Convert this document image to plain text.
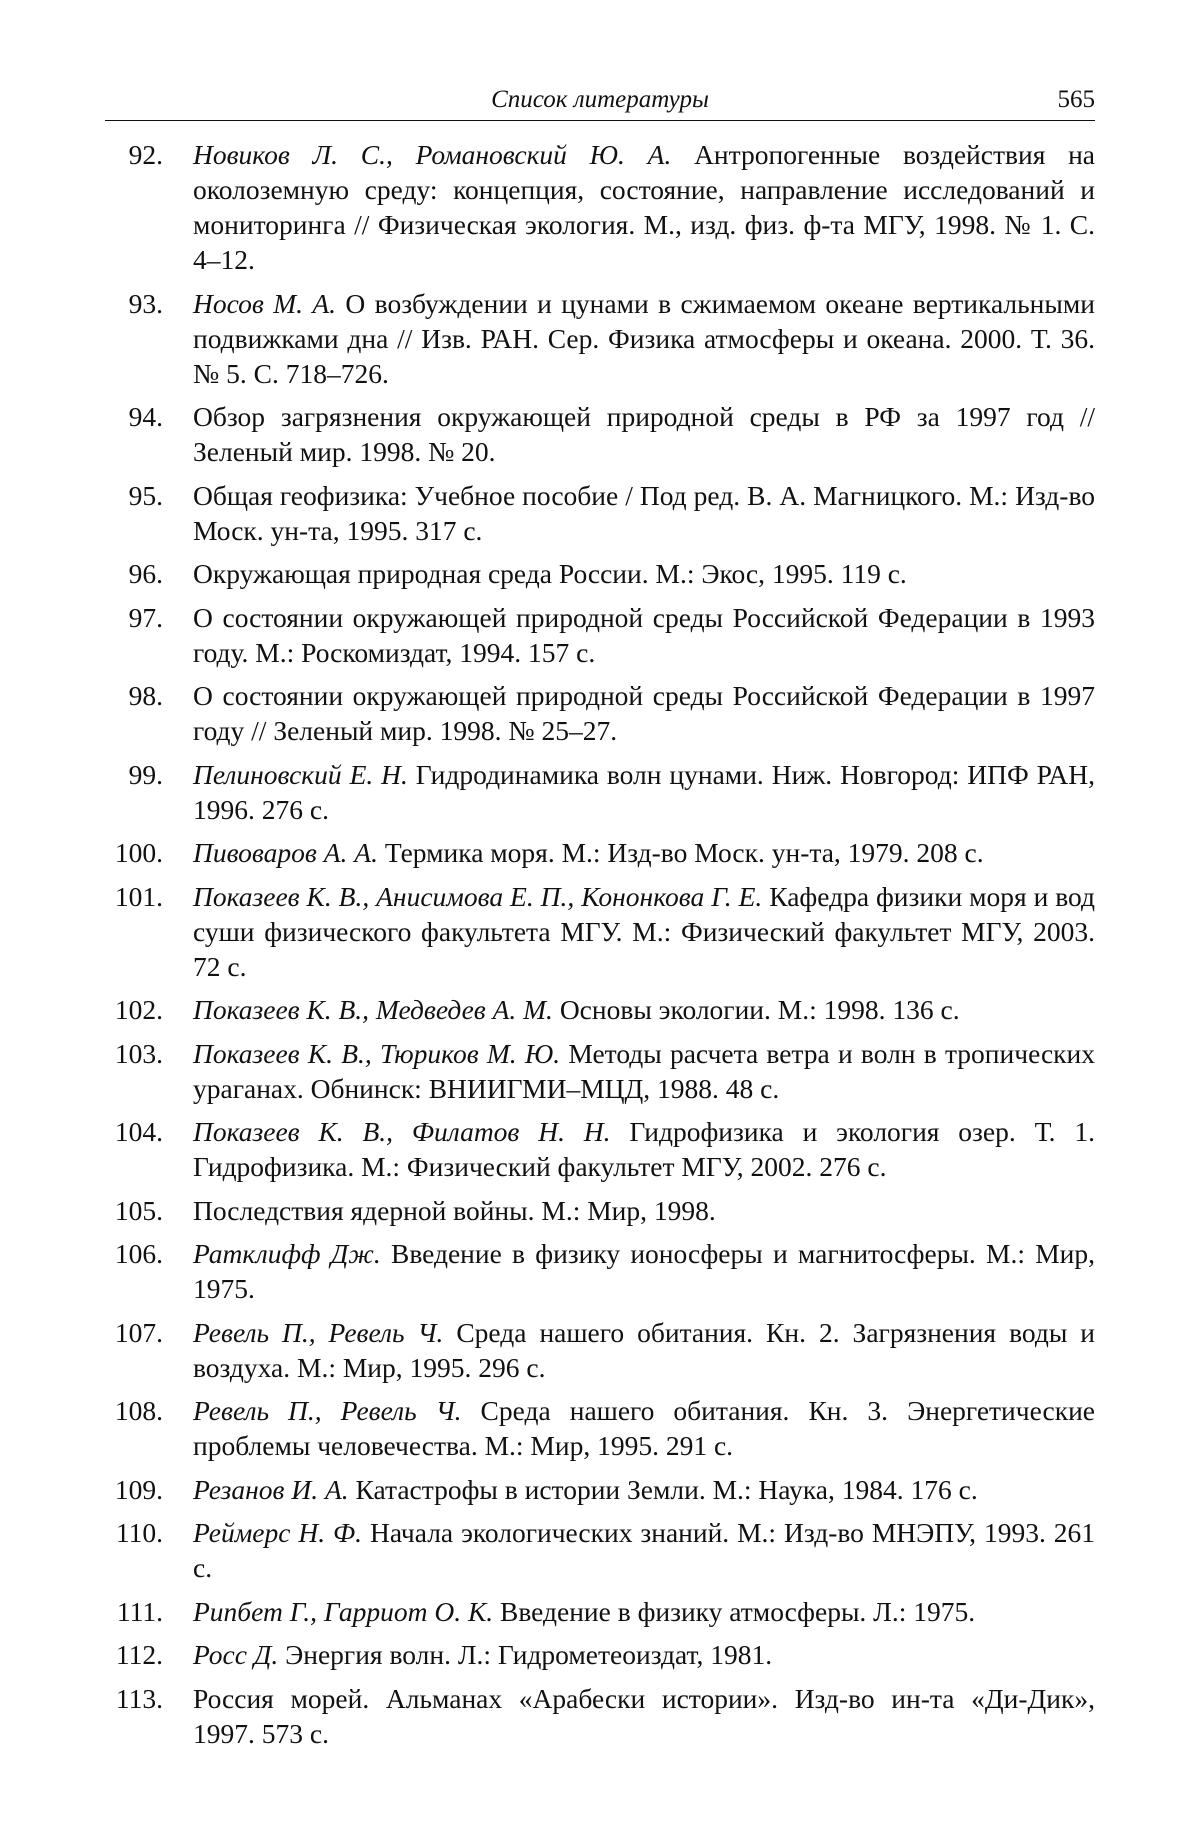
Список литературы	565
92. Новиков Л. С., Романовский Ю. А. Антропогенные воздействия на околоземную среду: концепция, состояние, направление исследований и мониторинга // Физическая экология. М., изд. физ. ф-та МГУ, 1998. № 1. С. 4–12.
93. Носов М. А. О возбуждении и цунами в сжимаемом океане вертикальными подвижками дна // Изв. РАН. Сер. Физика атмосферы и океана. 2000. Т. 36. № 5. С. 718–726.
94. Обзор загрязнения окружающей природной среды в РФ за 1997 год // Зеленый мир. 1998. № 20.
95. Общая геофизика: Учебное пособие / Под ред. В. А. Магницкого. М.: Изд-во Моск. ун-та, 1995. 317 с.
96. Окружающая природная среда России. М.: Экос, 1995. 119 с.
97. О состоянии окружающей природной среды Российской Федерации в 1993 году. М.: Роскомиздат, 1994. 157 с.
98. О состоянии окружающей природной среды Российской Федерации в 1997 году // Зеленый мир. 1998. № 25–27.
99. Пелиновский Е. Н. Гидродинамика волн цунами. Ниж. Новгород: ИПФ РАН, 1996. 276 с.
100. Пивоваров А. А. Термика моря. М.: Изд-во Моск. ун-та, 1979. 208 с.
101. Показеев К. В., Анисимова Е. П., Кононкова Г. Е. Кафедра физики моря и вод суши физического факультета МГУ. М.: Физический факультет МГУ, 2003. 72 с.
102. Показеев К. В., Медведев А. М. Основы экологии. М.: 1998. 136 с.
103. Показеев К. В., Тюриков М. Ю. Методы расчета ветра и волн в тропических ураганах. Обнинск: ВНИИГМИ–МЦД, 1988. 48 с.
104. Показеев К. В., Филатов Н. Н. Гидрофизика и экология озер. Т. 1. Гидрофизика. М.: Физический факультет МГУ, 2002. 276 с.
105. Последствия ядерной войны. М.: Мир, 1998.
106. Ратклифф Дж. Введение в физику ионосферы и магнитосферы. М.: Мир, 1975.
107. Ревель П., Ревель Ч. Среда нашего обитания. Кн. 2. Загрязнения воды и воздуха. М.: Мир, 1995. 296 с.
108. Ревель П., Ревель Ч. Среда нашего обитания. Кн. 3. Энергетические проблемы человечества. М.: Мир, 1995. 291 с.
109. Резанов И. А. Катастрофы в истории Земли. М.: Наука, 1984. 176 с.
110. Реймерс Н. Ф. Начала экологических знаний. М.: Изд-во МНЭПУ, 1993. 261 с.
111. Рипбет Г., Гарриот О. К. Введение в физику атмосферы. Л.: 1975.
112. Росс Д. Энергия волн. Л.: Гидрометеоиздат, 1981.
113. Россия морей. Альманах «Арабески истории». Изд-во ин-та «Ди-Дик», 1997. 573 с.
